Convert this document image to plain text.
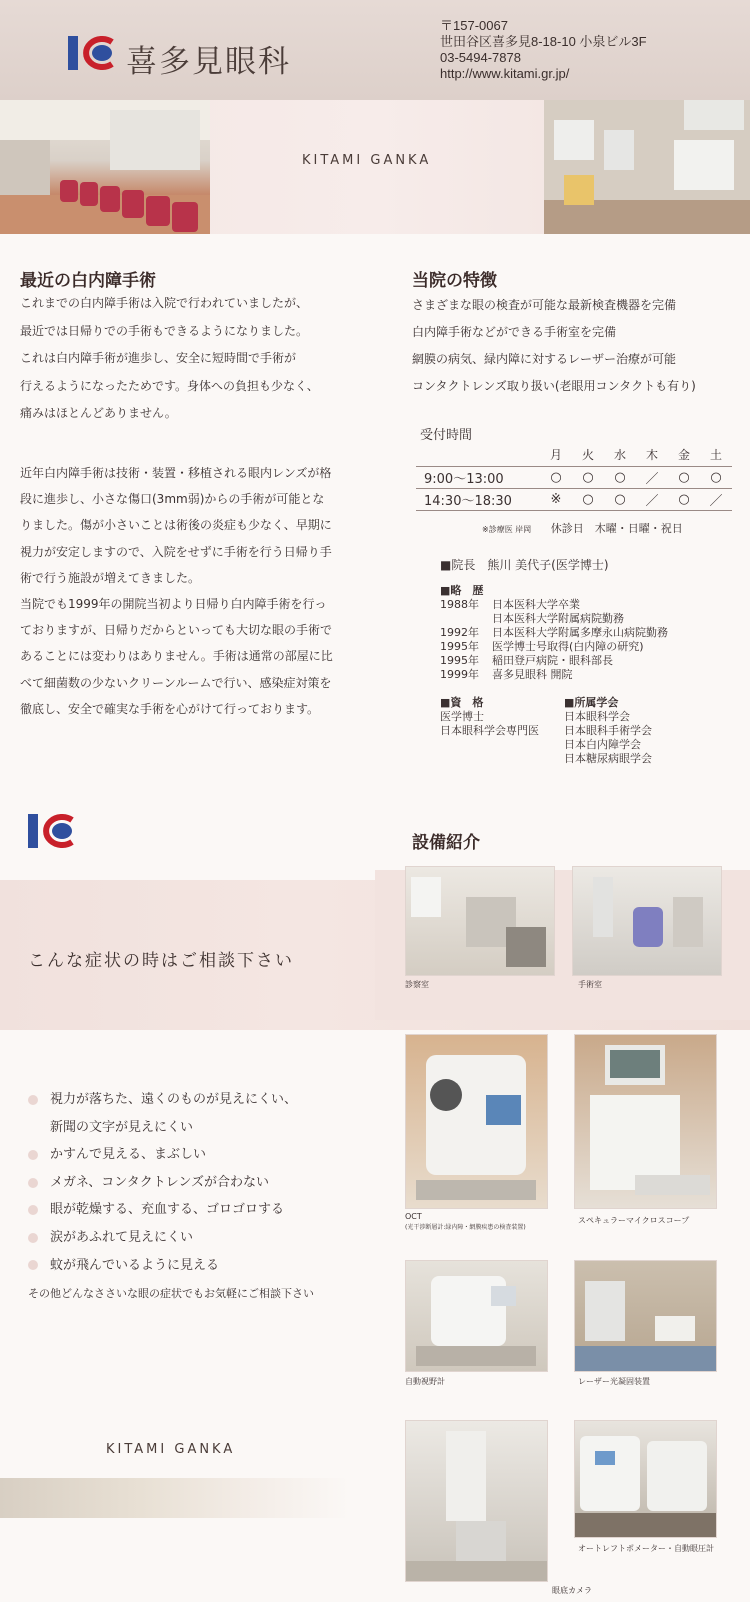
喜多見眼科
〒157-0067
世田谷区喜多見8-18-10 小泉ビル3F
03-5494-7878
http://www.kitami.gr.jp/
KITAMI GANKA
最近の白内障手術
これまでの白内障手術は入院で行われていましたが、
最近では日帰りでの手術もできるようになりました。
これは白内障手術が進歩し、安全に短時間で手術が
行えるようになったためです。身体への負担も少なく、
痛みはほとんどありません。
近年白内障手術は技術・装置・移植される眼内レンズが格
段に進歩し、小さな傷口(3mm弱)からの手術が可能とな
りました。傷が小さいことは術後の炎症も少なく、早期に
視力が安定しますので、入院をせずに手術を行う日帰り手
術で行う施設が増えてきました。
当院でも1999年の開院当初より日帰り白内障手術を行っ
ておりますが、日帰りだからといっても大切な眼の手術で
あることには変わりはありません。手術は通常の部屋に比
べて細菌数の少ないクリーンルームで行い、感染症対策を
徹底し、安全で確実な手術を心がけて行っております。
当院の特徴
さまざまな眼の検査が可能な最新検査機器を完備
白内障手術などができる手術室を完備
網膜の病気、緑内障に対するレーザー治療が可能
コンタクトレンズ取り扱い(老眼用コンタクトも有り)
受付時間
	月	火	水	木	金	土
9:00〜13:00	○	○	○	／	○	○
14:30〜18:30	※	○	○	／	○	／
※診療医 岸岡 休診日　木曜・日曜・祝日
■院長　熊川 美代子(医学博士)
■略　歴
1988年	日本医科大学卒業
日本医科大学附属病院勤務
1992年	日本医科大学附属多摩永山病院勤務
1995年	医学博士号取得(白内障の研究)
1995年	稲田登戸病院・眼科部長
1999年	喜多見眼科 開院
■資　格
医学博士
日本眼科学会専門医
■所属学会
日本眼科学会
日本眼科手術学会
日本白内障学会
日本糖尿病眼学会
こんな症状の時はご相談下さい
設備紹介
視力が落ちた、遠くのものが見えにくい、
新聞の文字が見えにくい
かすんで見える、まぶしい
メガネ、コンタクトレンズが合わない
眼が乾燥する、充血する、ゴロゴロする
涙があふれて見えにくい
蚊が飛んでいるように見える
その他どんなささいな眼の症状でもお気軽にご相談下さい
KITAMI GANKA
診察室	手術室
OCT
(光干渉断層計:緑内障・網膜疾患の検査装置)
スペキュラーマイクロスコープ
自動視野計	レーザー光凝固装置
眼底カメラ
オートレフトポメーター・自動眼圧計
